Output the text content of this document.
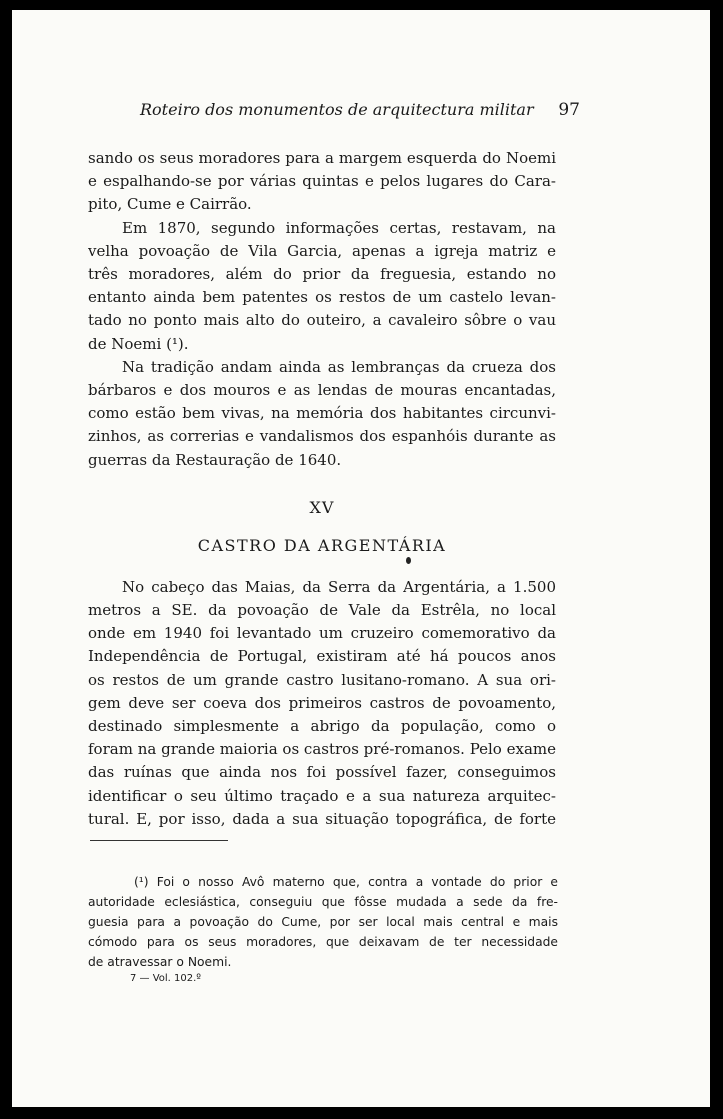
Roteiro dos monumentos de arquitectura militar 97

sando os seus moradores para a margem esquerda do Noemi
e espalhando-se por várias quintas e pelos lugares do Cara-
pito, Cume e Cairrão.

Em 1870, segundo informações certas, restavam, na
velha povoação de Vila Garcia, apenas a igreja matriz e
três moradores, além do prior da freguesia, estando no
entanto ainda bem patentes os restos de um castelo levan-
tado no ponto mais alto do outeiro, a cavaleiro sôbre o vau
de Noemi (¹).

Na tradição andam ainda as lembranças da crueza dos
bárbaros e dos mouros e as lendas de mouras encantadas,
como estão bem vivas, na memória dos habitantes circunvi-
zinhos, as correrias e vandalismos dos espanhóis durante as
guerras da Restauração de 1640.

XV
CASTRO DA ARGENTÁRIA

No cabeço das Maias, da Serra da Argentária, a 1.500
metros a SE. da povoação de Vale da Estrêla, no local
onde em 1940 foi levantado um cruzeiro comemorativo da
Independência de Portugal, existiram até há poucos anos
os restos de um grande castro lusitano-romano. A sua ori-
gem deve ser coeva dos primeiros castros de povoamento,
destinado simplesmente a abrigo da população, como o
foram na grande maioria os castros pré-romanos. Pelo exame
das ruínas que ainda nos foi possível fazer, conseguimos
identificar o seu último traçado e a sua natureza arquitec-
tural. E, por isso, dada a sua situação topográfica, de forte

(¹) Foi o nosso Avô materno que, contra a vontade do prior e
autoridade eclesiástica, conseguiu que fôsse mudada a sede da fre-
guesia para a povoação do Cume, por ser local mais central e mais
cómodo para os seus moradores, que deixavam de ter necessidade
de atravessar o Noemi.
7 — Vol. 102.º
